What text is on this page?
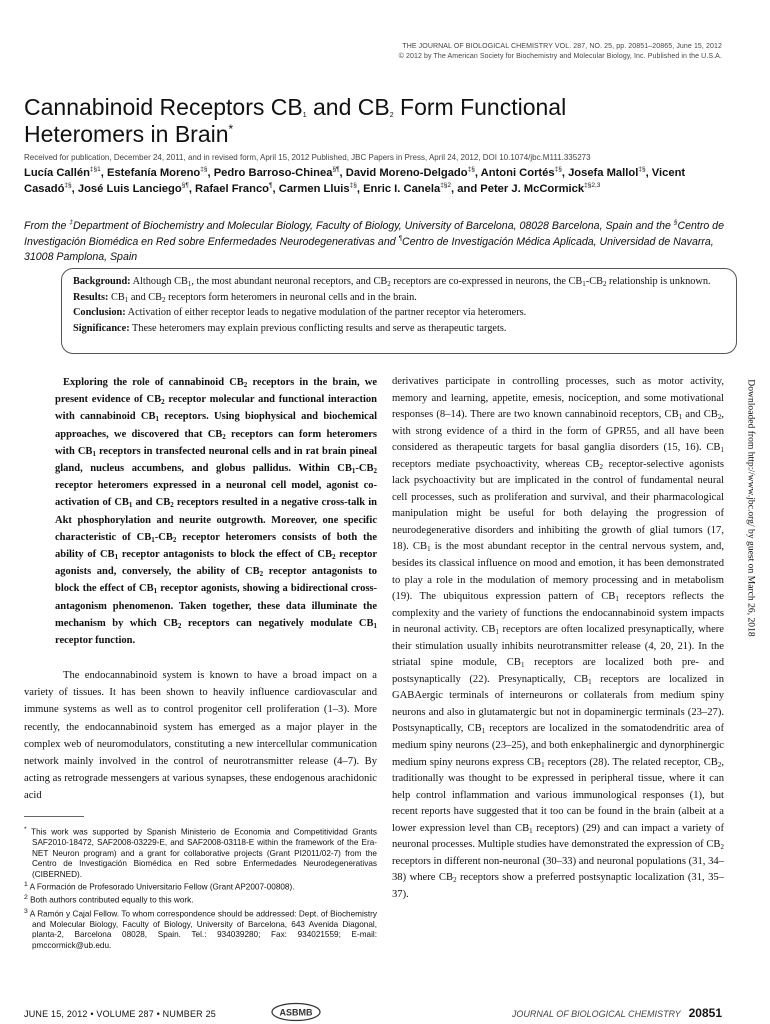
THE JOURNAL OF BIOLOGICAL CHEMISTRY VOL. 287, NO. 25, pp. 20851–20865, June 15, 2012
© 2012 by The American Society for Biochemistry and Molecular Biology, Inc. Published in the U.S.A.
Cannabinoid Receptors $CB_1$ and $CB_2$ Form Functional
Heteromers in Brain*
Received for publication, December 24, 2011, and in revised form, April 15, 2012 Published, JBC Papers in Press, April 24, 2012, DOI 10.1074/jbc.M111.335273
Lucía Callén$^{\ddagger\S 1}$, Estefanía Moreno‡§, Pedro Barroso-Chinea§¶, David Moreno-Delgado‡§, Antoni Cortés‡§, Josefa Mallol‡§, Vicent Casadó‡§, José Luis Lanciego§¶, Rafael Franco¶, Carmen Lluis‡§, Enric I. Canela$^{\ddagger\S 2}$, and Peter J. McCormick$^{\ddagger\S 2,3}$
From the ‡Department of Biochemistry and Molecular Biology, Faculty of Biology, University of Barcelona, 08028 Barcelona, Spain and the §Centro de Investigación Biomédica en Red sobre Enfermedades Neurodegenerativas and ¶Centro de Investigación Médica Aplicada, Universidad de Navarra, 31008 Pamplona, Spain
Background: Although $CB_1$, the most abundant neuronal receptors, and $CB_2$ receptors are co-expressed in neurons, the $CB_1-CB_2$ relationship is unknown.
Results: $CB_1$ and $CB_2$ receptors form heteromers in neuronal cells and in the brain.
Conclusion: Activation of either receptor leads to negative modulation of the partner receptor via heteromers.
Significance: These heteromers may explain previous conflicting results and serve as therapeutic targets.
Exploring the role of cannabinoid $CB_2$ receptors in the brain, we present evidence of $CB_2$ receptor molecular and functional interaction with cannabinoid $CB_1$ receptors. Using biophysical and biochemical approaches, we discovered that $CB_2$ receptors can form heteromers with $CB_1$ receptors in transfected neuronal cells and in rat brain pineal gland, nucleus accumbens, and globus pallidus. Within $CB_1-CB_2$ receptor heteromers expressed in a neuronal cell model, agonist co-activation of $CB_1$ and $CB_2$ receptors resulted in a negative cross-talk in Akt phosphorylation and neurite outgrowth. Moreover, one specific characteristic of $CB_1-CB_2$ receptor heteromers consists of both the ability of $CB_1$ receptor antagonists to block the effect of $CB_2$ receptor agonists and, conversely, the ability of $CB_2$ receptor antagonists to block the effect of $CB_1$ receptor agonists, showing a bidirectional cross-antagonism phenomenon. Taken together, these data illuminate the mechanism by which $CB_2$ receptors can negatively modulate $CB_1$ receptor function.
The endocannabinoid system is known to have a broad impact on a variety of tissues. It has been shown to heavily influence cardiovascular and immune systems as well as to control progenitor cell proliferation (1–3). More recently, the endocannabinoid system has emerged as a major player in the complex web of neuromodulators, constituting a new intercellular communication network mainly involved in the control of neurotransmitter release (4–7). By acting as retrograde messengers at various synapses, these endogenous arachidonic acid

* This work was supported by Spanish Ministerio de Economia and Competitividad Grants SAF2010-18472, SAF2008-03229-E, and SAF2008-03118-E within the framework of the Era-NET Neuron program) and a grant for collaborative projects (Grant PI2011/02-7) from the Centro de Investigación Biomédica en Red sobre Enfermedades Neurodegenerativas (CIBERNED).

$^1$ A Formación de Profesorado Universitario Fellow (Grant AP2007-00808).

$^2$ Both authors contributed equally to this work.

$^3$ A Ramón y Cajal Fellow. To whom correspondence should be addressed: Dept. of Biochemistry and Molecular Biology, Faculty of Biology, University of Barcelona, 643 Avenida Diagonal, planta-2, Barcelona 08028, Spain. Tel.: 934039280; Fax: 934021559; E-mail: pmccormick@ub.edu.

derivatives participate in controlling processes, such as motor activity, memory and learning, appetite, emesis, nociception, and some motivational responses (8–14). There are two known cannabinoid receptors, $CB_1$ and $CB_2$, with strong evidence of a third in the form of GPR55, and all have been considered as therapeutic targets for basal ganglia disorders (15, 16). $CB_1$ receptors mediate psychoactivity, whereas $CB_2$ receptor-selective agonists lack psychoactivity but are implicated in the control of fundamental neural cell processes, such as proliferation and survival, and their pharmacological manipulation might be useful for both delaying the progression of neurodegenerative disorders and inhibiting the growth of glial tumors (17, 18). $CB_1$ is the most abundant receptor in the central nervous system, and, besides its classical influence on mood and emotion, it has been demonstrated to play a role in the modulation of memory processing and in metabolism (19). The ubiquitous expression pattern of $CB_1$ receptors reflects the complexity and the variety of functions the endocannabinoid system impacts in neuronal activity. $CB_1$ receptors are often localized presynaptically, where their stimulation usually inhibits neurotransmitter release (4, 20, 21). In the striatal spine module, $CB_1$ receptors are localized both pre- and postsynaptically (22). Presynaptically, $CB_1$ receptors are localized in GABAergic terminals of interneurons or collaterals from medium spiny neurons and also in glutamatergic but not in dopaminergic terminals (23–27). Postsynaptically, $CB_1$ receptors are localized in the somatodendritic area of medium spiny neurons (23–25), and both enkephalinergic and dynorphinergic medium spiny neurons express $CB_1$ receptors (28). The related receptor, $CB_2$, traditionally was thought to be expressed in peripheral tissue, where it can help control inflammation and various immunological responses (1), but recent reports have suggested that it too can be found in the brain (albeit at a lower expression level than $CB_1$ receptors) (29) and can impact a variety of neuronal processes. Multiple studies have demonstrated the expression of $CB_2$ receptors in different non-neuronal (30–33) and neuronal populations (31, 34–38) where $CB_2$ receptors show a preferred postsynaptic localization (31, 35–37).
Downloaded from http://www.jbc.org/ by guest on March 26, 2018
JUNE 15, 2012 • VOLUME 287 • NUMBER 25	ASBMB	JOURNAL OF BIOLOGICAL CHEMISTRY 20851
